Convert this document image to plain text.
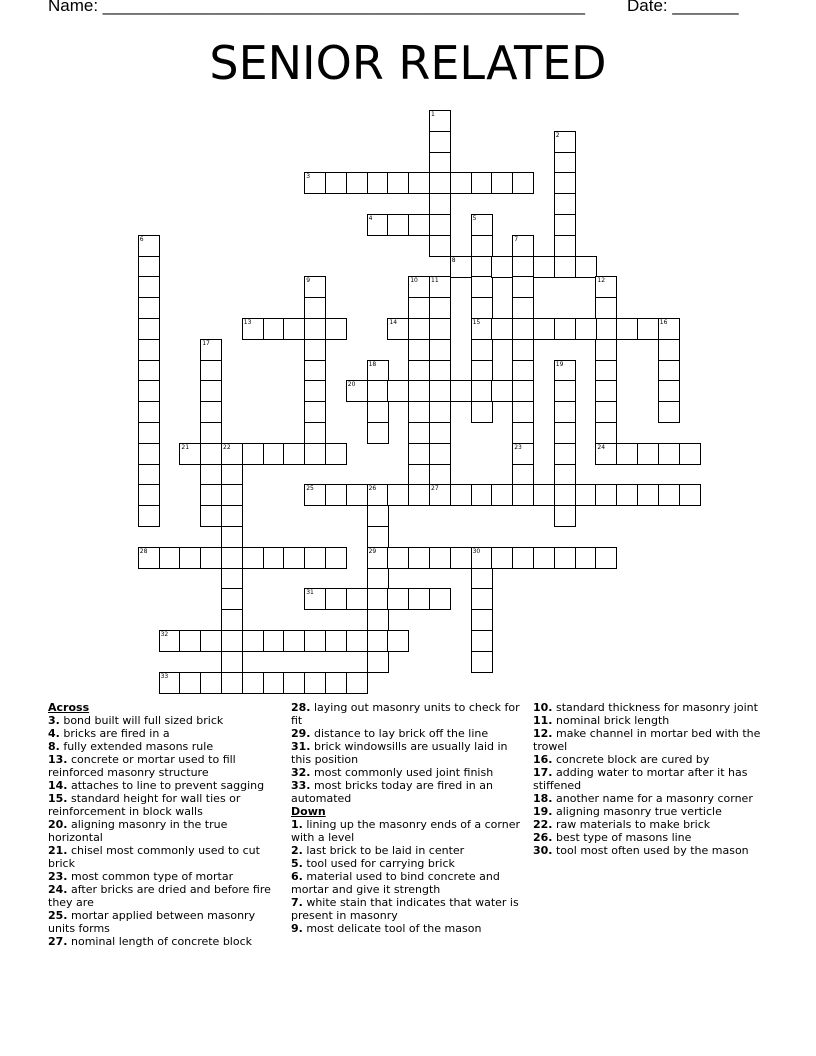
Name: ___________________________________________________ Date: _______
SENIOR RELATED
1
2
3
4	5
15
6	7
23
8
9	10 11	12
13	14	16
17
18	19
20
21	22	24
25	26
29
27
28	30
31
32
33
Across
3. bond built will full sized brick
4. bricks are fired in a
8. fully extended masons rule
13. concrete or mortar used to fill reinforced masonry structure
14. attaches to line to prevent sagging
15. standard height for wall ties or reinforcement in block walls
20. aligning masonry in the true horizontal
21. chisel most commonly used to cut brick
23. most common type of mortar
24. after bricks are dried and before fire they are
25. mortar applied between masonry units forms
27. nominal length of concrete block
28. laying out masonry units to check for fit
29. distance to lay brick off the line
31. brick windowsills are usually laid in this position
32. most commonly used joint finish
33. most bricks today are fired in an automated
Down
1. lining up the masonry ends of a corner with a level
2. last brick to be laid in center
5. tool used for carrying brick
6. material used to bind concrete and mortar and give it strength
7. white stain that indicates that water is present in masonry
9. most delicate tool of the mason
10. standard thickness for masonry joint
11. nominal brick length
12. make channel in mortar bed with the trowel
16. concrete block are cured by
17. adding water to mortar after it has stiffened
18. another name for a masonry corner
19. aligning masonry true verticle
22. raw materials to make brick
26. best type of masons line
30. tool most often used by the mason
